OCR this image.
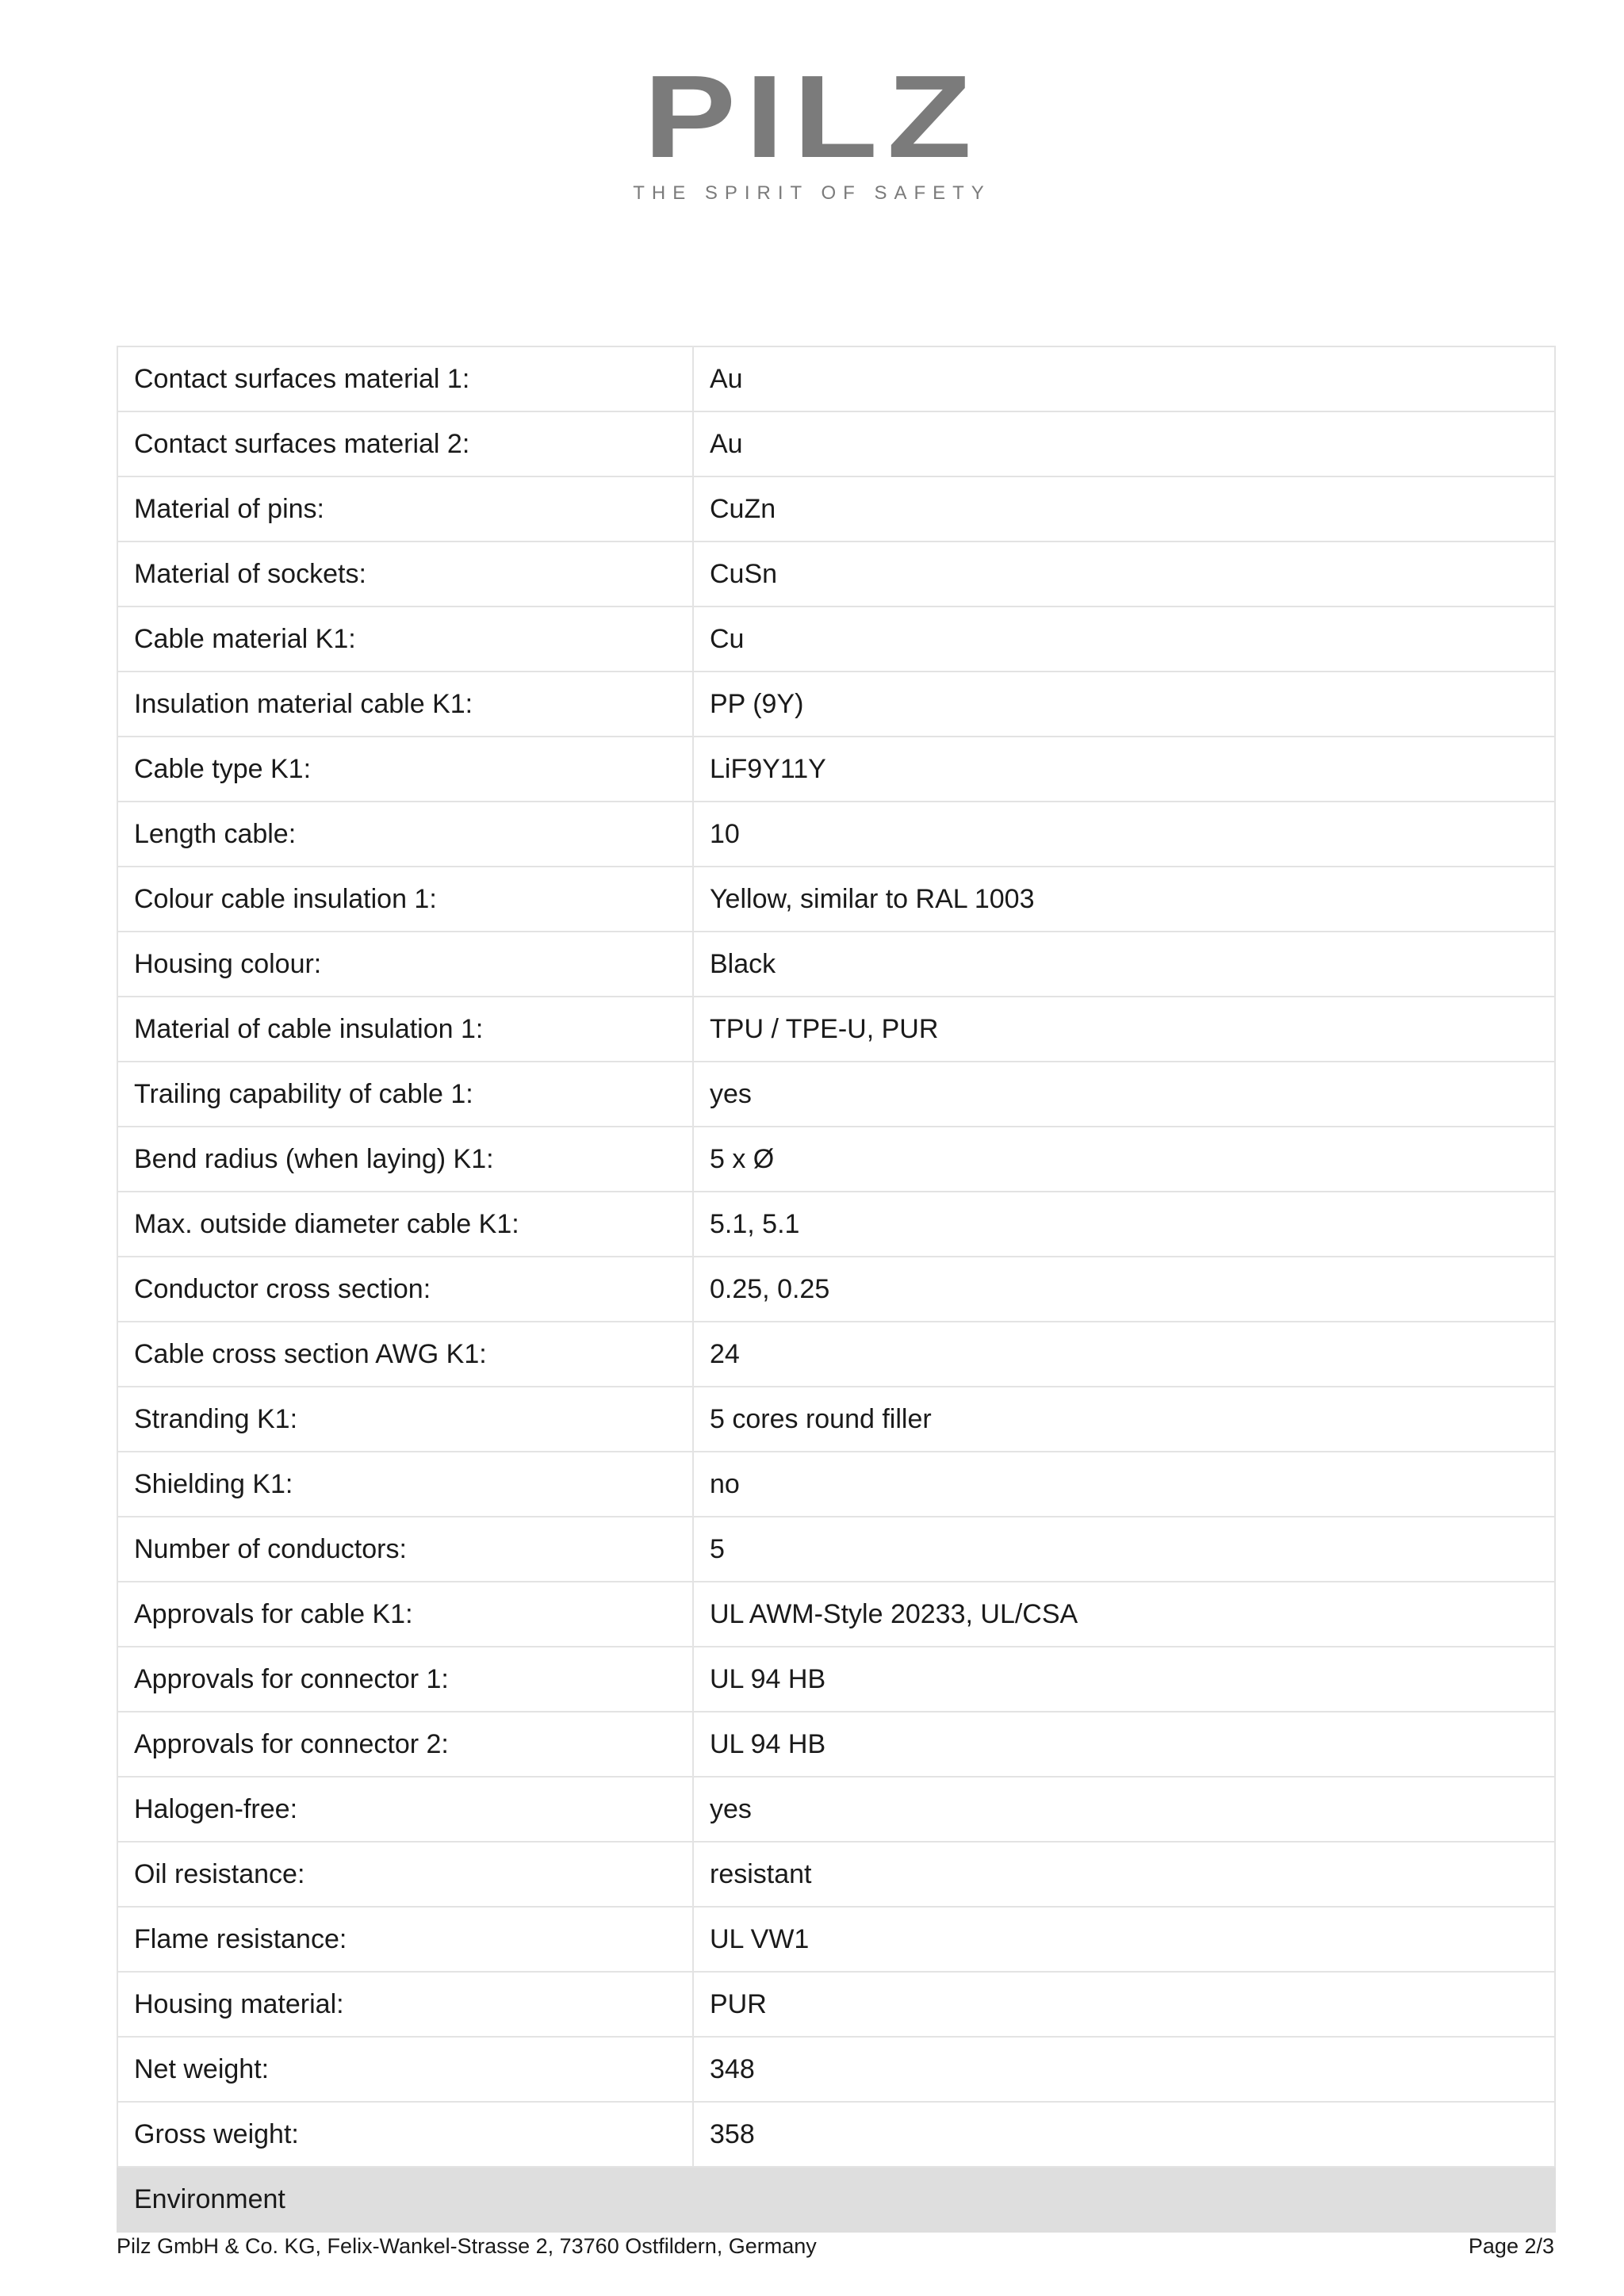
PILZ
THE SPIRIT OF SAFETY
Contact surfaces material 1:	Au
Contact surfaces material 2:	Au
Material of pins:	CuZn
Material of sockets:	CuSn
Cable material K1:	Cu
Insulation material cable K1:	PP (9Y)
Cable type K1:	LiF9Y11Y
Length cable:	10
Colour cable insulation 1:	Yellow, similar to RAL 1003
Housing colour:	Black
Material of cable insulation 1:	TPU / TPE-U, PUR
Trailing capability of cable 1:	yes
Bend radius (when laying) K1:	5 x Ø
Max. outside diameter cable K1:	5.1, 5.1
Conductor cross section:	0.25, 0.25
Cable cross section AWG K1:	24
Stranding K1:	5 cores round filler
Shielding K1:	no
Number of conductors:	5
Approvals for cable K1:	UL AWM-Style 20233, UL/CSA
Approvals for connector 1:	UL 94 HB
Approvals for connector 2:	UL 94 HB
Halogen-free:	yes
Oil resistance:	resistant
Flame resistance:	UL VW1
Housing material:	PUR
Net weight:	348
Gross weight:	358
Environment	
Pilz GmbH & Co. KG, Felix-Wankel-Strasse 2, 73760 Ostfildern, Germany	Page 2/3
